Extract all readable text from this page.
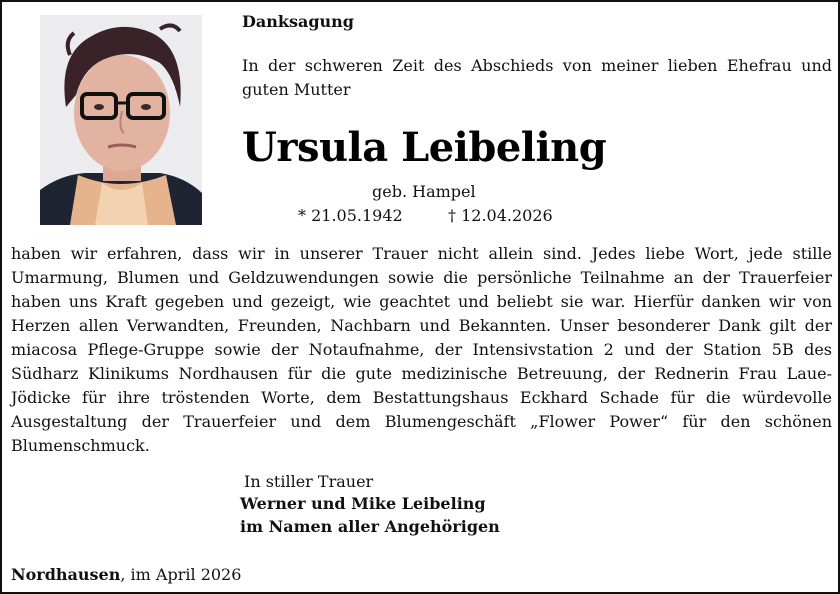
Danksagung
In der schweren Zeit des Abschieds von meiner lieben Ehefrau und guten Mutter
Ursula Leibeling
geb. Hampel
* 21.05.1942	† 12.04.2026
haben wir erfahren, dass wir in unserer Trauer nicht allein sind. Jedes liebe Wort, jede stille Umarmung, Blumen und Geldzuwendungen sowie die persönliche Teilnahme an der Trauerfeier haben uns Kraft gegeben und gezeigt, wie geachtet und beliebt sie war. Hierfür danken wir von Herzen allen Verwandten, Freunden, Nachbarn und Bekannten. Unser besonderer Dank gilt der miacosa Pflege-Gruppe sowie der Notaufnahme, der Intensivstation 2 und der Station 5B des Südharz Klinikums Nordhausen für die gute medizinische Betreuung, der Rednerin Frau Laue-Jödicke für ihre tröstenden Worte, dem Bestattungshaus Eckhard Schade für die würdevolle Ausgestaltung der Trauerfeier und dem Blumengeschäft „Flower Power“ für den schönen Blumenschmuck.
In stiller Trauer
Werner und Mike Leibeling
im Namen aller Angehörigen
Nordhausen, im April 2026
